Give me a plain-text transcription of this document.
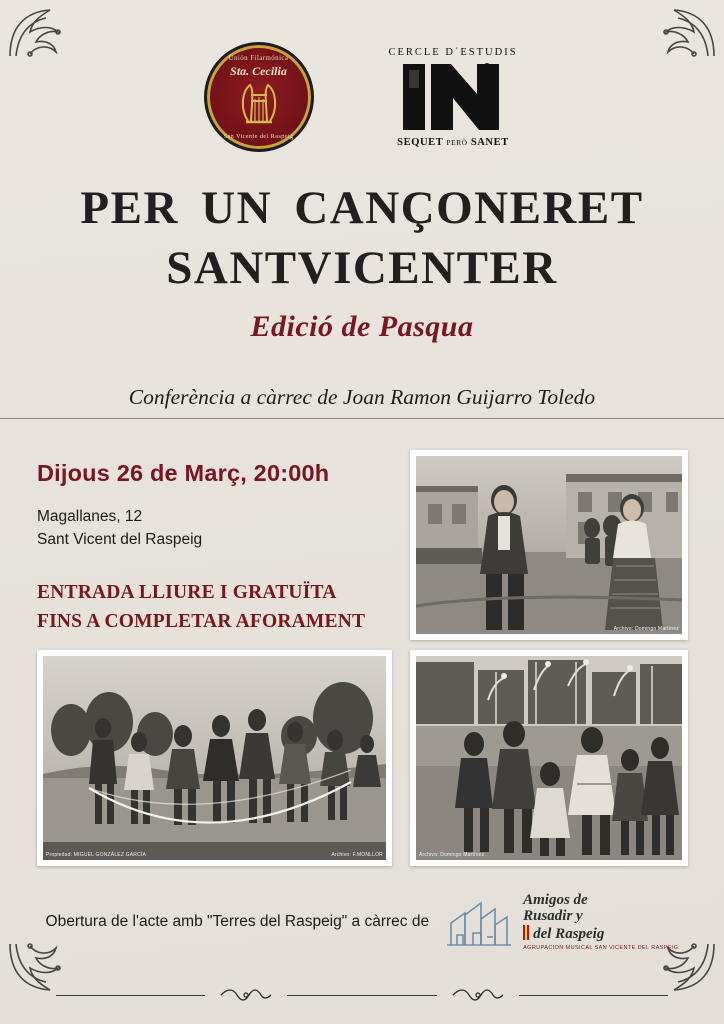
Unión Filarmónica
Sta. Cecilia
San Vicente del Raspeig
CERCLE D´ESTUDIS
SEQUET PERÒ SANET
PER UN CANÇONERET
SANTVICENTER
Edició de Pasqua
Conferència a càrrec de Joan Ramon Guijarro Toledo
Dijous 26 de Març, 20:00h
Magallanes, 12
Sant Vicent del Raspeig
ENTRADA LLIURE I GRATUÏTA
FINS A COMPLETAR AFORAMENT	Archivo: Domingo Martínez
Propiedad: MIGUEL GONZÁLEZ GARCÍA	Archivo: F.MONLLOR	Archivo: Domingo Martínez
Obertura de l'acte amb "Terres del Raspeig" a càrrec de
Amigos de
Rusadir y
del Raspeig
AGRUPACION MUSICAL SAN VICENTE DEL RASPEIG
